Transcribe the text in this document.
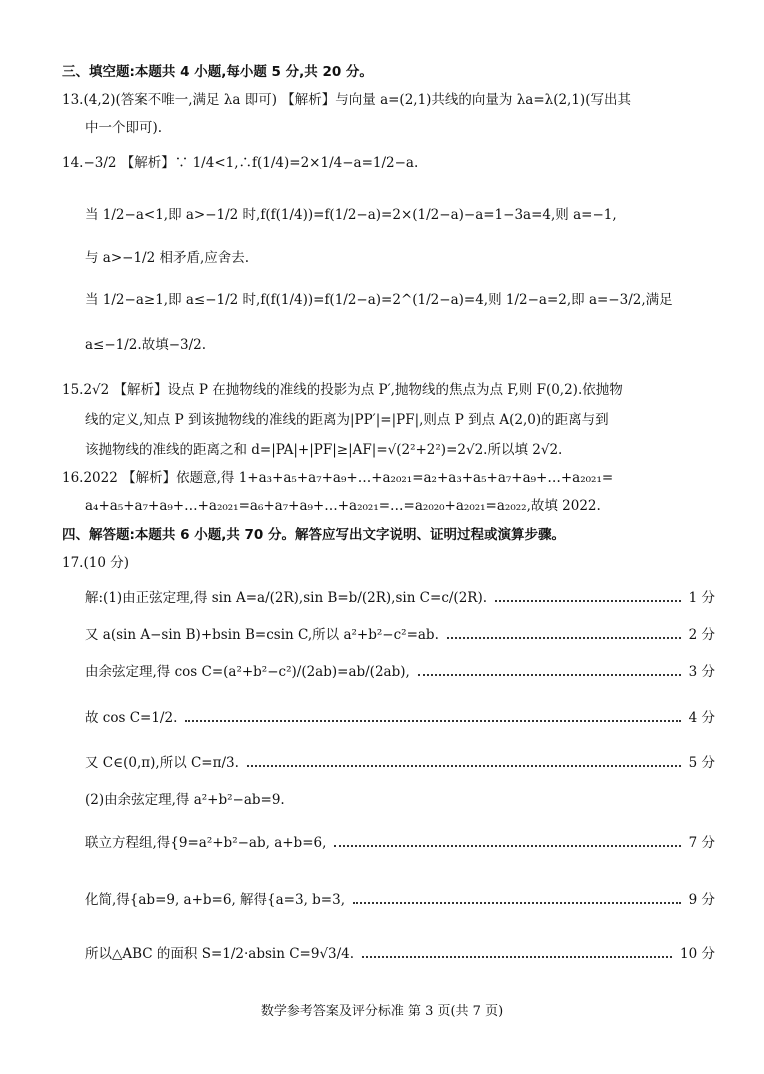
三、填空题:本题共 4 小题,每小题 5 分,共 20 分。
13.(4,2)(答案不唯一,满足 λa 即可) 【解析】与向量 a=(2,1)共线的向量为 λa=λ(2,1)(写出其
中一个即可).
14.−3/2 【解析】∵ 1/4<1,∴f(1/4)=2×1/4−a=1/2−a.
当 1/2−a<1,即 a>−1/2 时,f(f(1/4))=f(1/2−a)=2×(1/2−a)−a=1−3a=4,则 a=−1,
与 a>−1/2 相矛盾,应舍去.
当 1/2−a≥1,即 a≤−1/2 时,f(f(1/4))=f(1/2−a)=2^(1/2−a)=4,则 1/2−a=2,即 a=−3/2,满足
a≤−1/2.故填−3/2.
15.2√2 【解析】设点 P 在抛物线的准线的投影为点 P′,抛物线的焦点为点 F,则 F(0,2).依抛物
线的定义,知点 P 到该抛物线的准线的距离为|PP′|=|PF|,则点 P 到点 A(2,0)的距离与到
该抛物线的准线的距离之和 d=|PA|+|PF|≥|AF|=√(2²+2²)=2√2.所以填 2√2.
16.2022 【解析】依题意,得 1+a₃+a₅+a₇+a₉+…+a₂₀₂₁=a₂+a₃+a₅+a₇+a₉+…+a₂₀₂₁=
a₄+a₅+a₇+a₉+…+a₂₀₂₁=a₆+a₇+a₉+…+a₂₀₂₁=…=a₂₀₂₀+a₂₀₂₁=a₂₀₂₂,故填 2022.
四、解答题:本题共 6 小题,共 70 分。解答应写出文字说明、证明过程或演算步骤。
17.(10 分)
解:(1)由正弦定理,得 sin A=a/(2R),sin B=b/(2R),sin C=c/(2R).	1 分
又 a(sin A−sin B)+bsin B=csin C,所以 a²+b²−c²=ab.	2 分
由余弦定理,得 cos C=(a²+b²−c²)/(2ab)=ab/(2ab),	3 分
故 cos C=1/2.	4 分
又 C∈(0,π),所以 C=π/3.	5 分
(2)由余弦定理,得 a²+b²−ab=9.
联立方程组,得{9=a²+b²−ab, a+b=6,	7 分
化简,得{ab=9, a+b=6, 解得{a=3, b=3,	9 分
所以△ABC 的面积 S=1/2·absin C=9√3/4.	10 分
数学参考答案及评分标准 第 3 页(共 7 页)
